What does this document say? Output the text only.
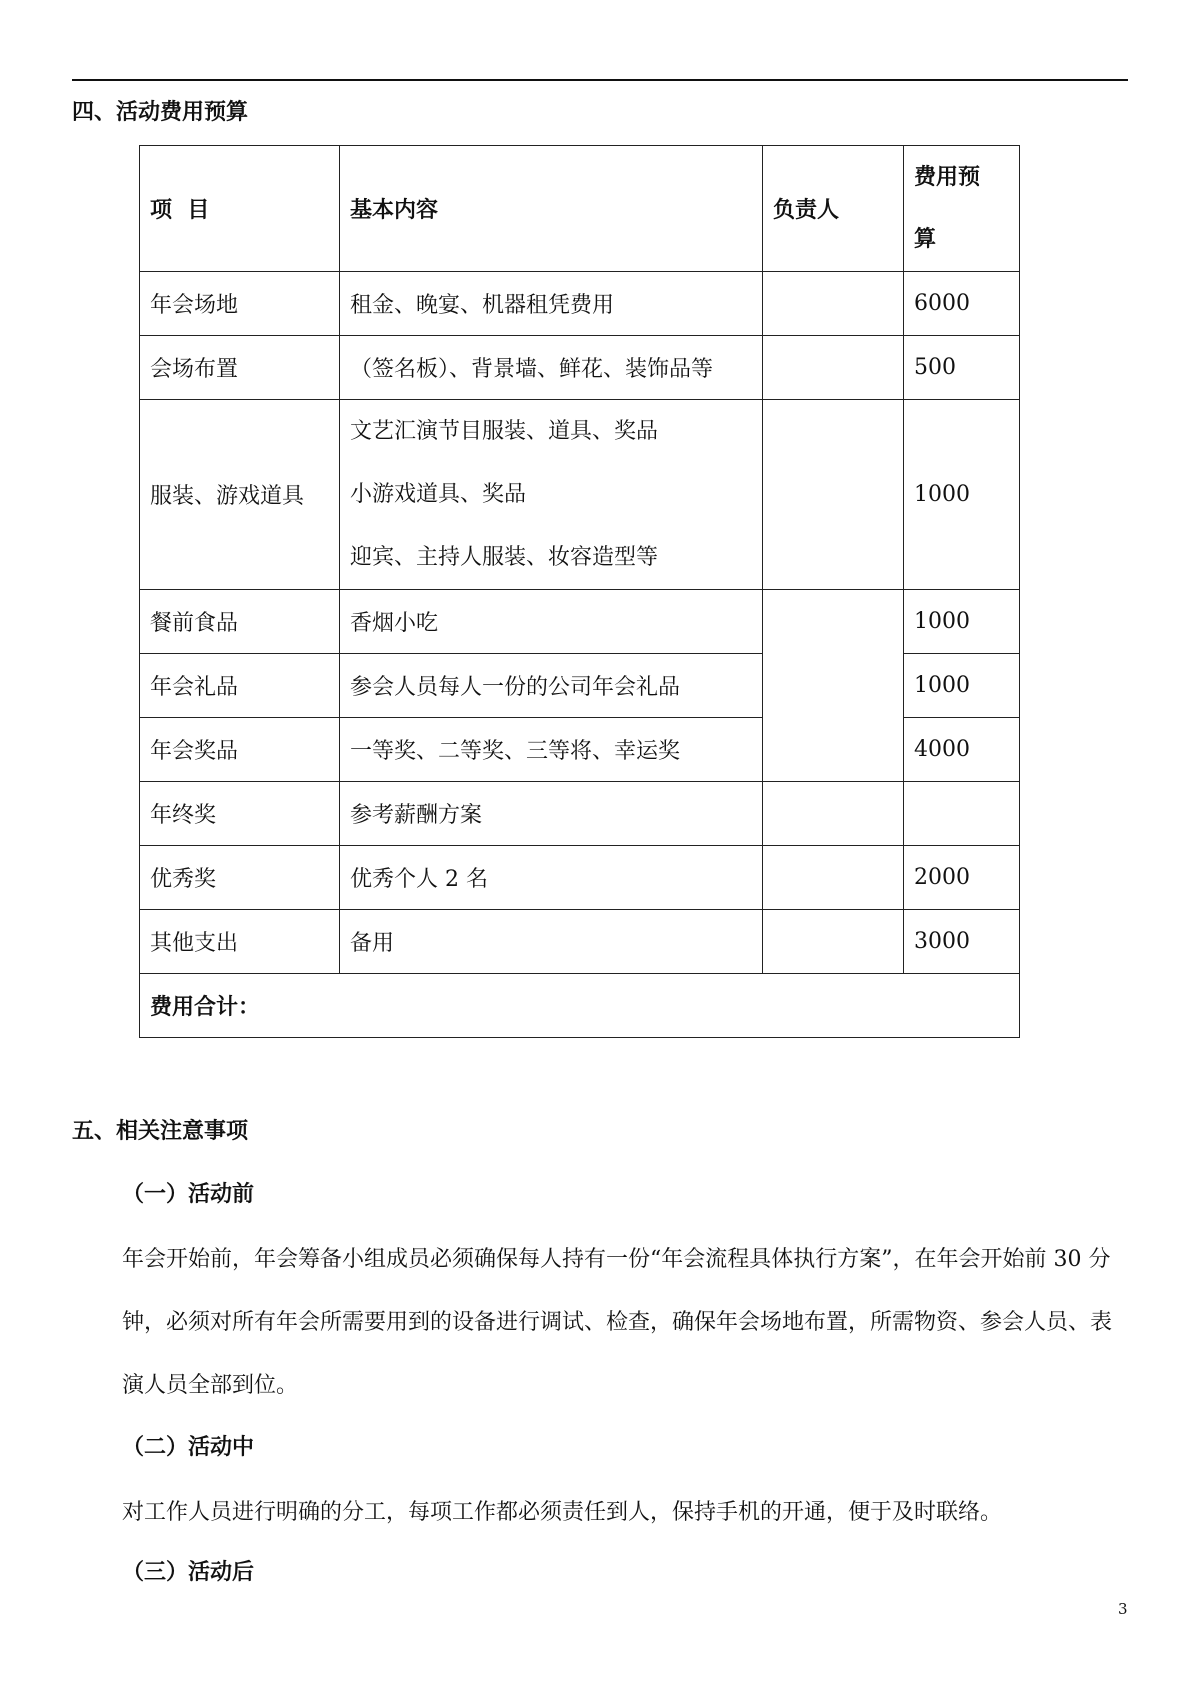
四、活动费用预算
项  目	基本内容	负责人	费用预算
年会场地	租金、晚宴、机器租凭费用		6000
会场布置	（签名板）、背景墙、鲜花、装饰品等		500
服装、游戏道具	文艺汇演节目服装、道具、奖品
小游戏道具、奖品
迎宾、主持人服装、妆容造型等		1000
餐前食品	香烟小吃		1000
年会礼品	参会人员每人一份的公司年会礼品		1000
年会奖品	一等奖、二等奖、三等将、幸运奖		4000
年终奖	参考薪酬方案		
优秀奖	优秀个人 2 名		2000
其他支出	备用		3000
费用合计：			
五、相关注意事项
（一）活动前
年会开始前，年会筹备小组成员必须确保每人持有一份“年会流程具体执行方案”，在年会开始前 30 分钟，必须对所有年会所需要用到的设备进行调试、检查，确保年会场地布置，所需物资、参会人员、表演人员全部到位。
（二）活动中
对工作人员进行明确的分工，每项工作都必须责任到人，保持手机的开通，便于及时联络。
（三）活动后
3
